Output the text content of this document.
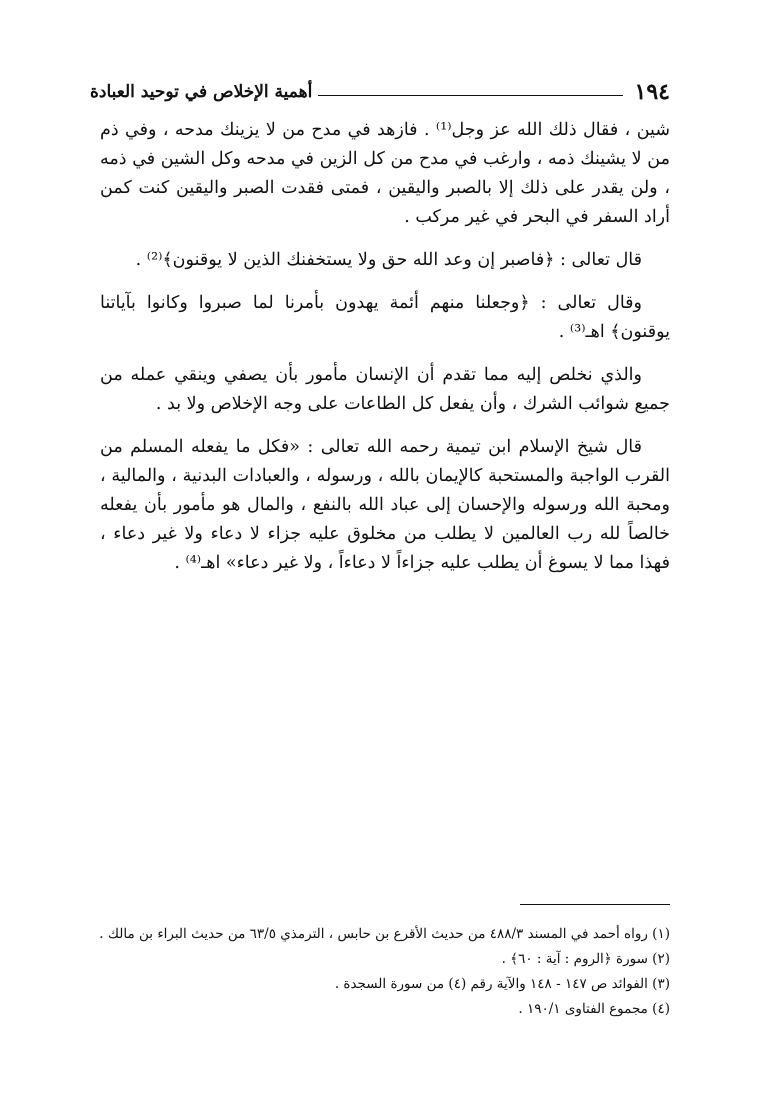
١٩٤
أهمية الإخلاص في توحيد العبادة

شين ، فقال ذلك الله عز وجل⁽¹⁾ . فازهد في مدح من لا يزينك مدحه ، وفي ذم من لا يشينك ذمه ، وارغب في مدح من كل الزين في مدحه وكل الشين في ذمه ، ولن يقدر على ذلك إلا بالصبر واليقين ، فمتى فقدت الصبر واليقين كنت كمن أراد السفر في البحر في غير مركب .

قال تعالى : ﴿فاصبر إن وعد الله حق ولا يستخفنك الذين لا يوقنون﴾⁽²⁾ .

وقال تعالى : ﴿وجعلنا منهم أئمة يهدون بأمرنا لما صبروا وكانوا بآياتنا يوقنون﴾ اهـ⁽³⁾ .

والذي نخلص إليه مما تقدم أن الإنسان مأمور بأن يصفي وينقي عمله من جميع شوائب الشرك ، وأن يفعل كل الطاعات على وجه الإخلاص ولا بد .

قال شيخ الإسلام ابن تيمية رحمه الله تعالى : «فكل ما يفعله المسلم من القرب الواجبة والمستحبة كالإيمان بالله ، ورسوله ، والعبادات البدنية ، والمالية ، ومحبة الله ورسوله والإحسان إلى عباد الله بالنفع ، والمال هو مأمور بأن يفعله خالصاً لله رب العالمين لا يطلب من مخلوق عليه جزاء لا دعاء ولا غير دعاء ، فهذا مما لا يسوغ أن يطلب عليه جزاءاً لا دعاءاً ، ولا غير دعاء» اهـ⁽⁴⁾ .

(١) رواه أحمد في المسند ٤٨٨/٣ من حديث الأقرع بن حابس ، الترمذي ٦٣/٥ من حديث البراء بن مالك .

(٢) سورة ﴿الروم : آية : ٦٠﴾ .

(٣) الفوائد ص ١٤٧ - ١٤٨ والآية رقم (٤) من سورة السجدة .

(٤) مجموع الفتاوى ١٩٠/١ .
